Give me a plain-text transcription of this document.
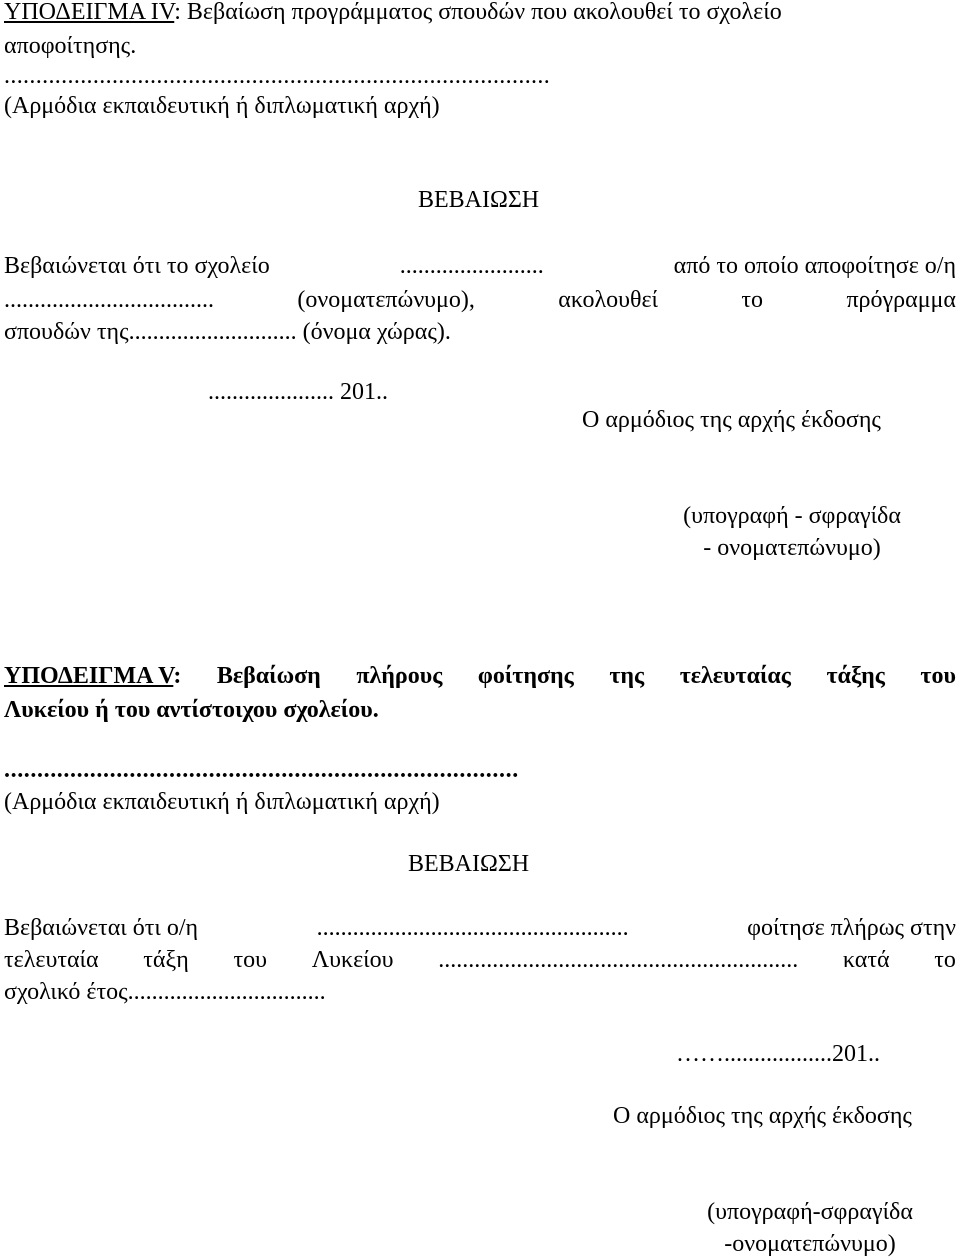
ΥΠΟΔΕΙΓΜΑ IV: Βεβαίωση προγράμματος σπουδών που ακολουθεί το σχολείο
αποφοίτησης.
......................................................................................
(Αρμόδια εκπαιδευτική ή διπλωματική αρχή)
ΒΕΒΑΙΩΣΗ
Βεβαιώνεται ότι το σχολείο	........................	από το οποίο αποφοίτησε ο/η
...................................	(ονοματεπώνυμο),	ακολουθεί	το	πρόγραμμα
σπουδών της............................ (όνομα χώρας).
..................... 201..
Ο αρμόδιος της αρχής έκδοσης
(υπογραφή - σφραγίδα
- ονοματεπώνυμο)
ΥΠΟΔΕΙΓΜΑ V: Βεβαίωση πλήρους φοίτησης της τελευταίας τάξης του
Λυκείου ή του αντίστοιχου σχολείου.
..............................................................................
(Αρμόδια εκπαιδευτική ή διπλωματική αρχή)
ΒΕΒΑΙΩΣΗ
Βεβαιώνεται ότι ο/η	....................................................	φοίτησε πλήρως στην
τελευταία τάξη του Λυκείου ............................................................ κατά το
σχολικό έτος.................................
……..................201..
Ο αρμόδιος της αρχής έκδοσης
(υπογραφή-σφραγίδα
-ονοματεπώνυμο)
